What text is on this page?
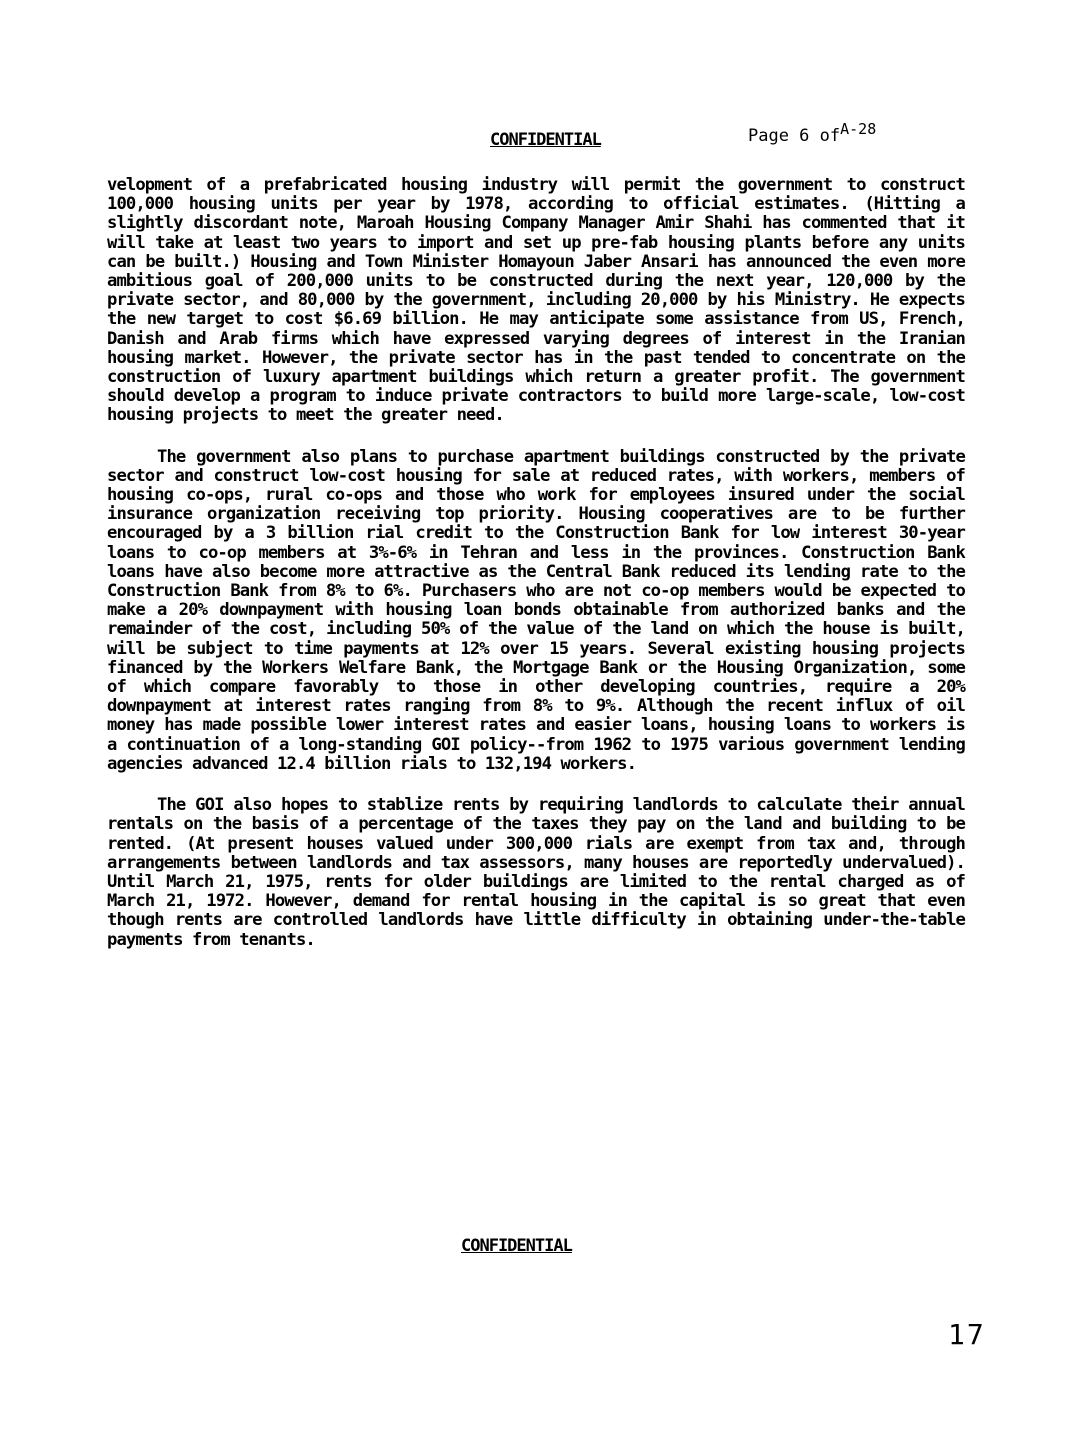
CONFIDENTIAL	Page 6 ofA-28

velopment of a prefabricated housing industry will permit the government to construct 100,000 housing units per year by 1978, according to official estimates. (Hitting a slightly discordant note, Maroah Housing Company Manager Amir Shahi has commented that it will take at least two years to import and set up pre-fab housing plants before any units can be built.) Housing and Town Minister Homayoun Jaber Ansari has announced the even more ambitious goal of 200,000 units to be constructed during the next year, 120,000 by the private sector, and 80,000 by the government, including 20,000 by his Ministry. He expects the new target to cost $6.69 billion. He may anticipate some assistance from US, French, Danish and Arab firms which have expressed varying degrees of interest in the Iranian housing market. However, the private sector has in the past tended to concentrate on the construction of luxury apartment buildings which return a greater profit. The government should develop a program to induce private contractors to build more large-scale, low-cost housing projects to meet the greater need.

The government also plans to purchase apartment buildings constructed by the private sector and construct low-cost housing for sale at reduced rates, with workers, members of housing co-ops, rural co-ops and those who work for employees insured under the social insurance organization receiving top priority. Housing cooperatives are to be further encouraged by a 3 billion rial credit to the Construction Bank for low interest 30-year loans to co-op members at 3%-6% in Tehran and less in the provinces. Construction Bank loans have also become more attractive as the Central Bank reduced its lending rate to the Construction Bank from 8% to 6%. Purchasers who are not co-op members would be expected to make a 20% downpayment with housing loan bonds obtainable from authorized banks and the remainder of the cost, including 50% of the value of the land on which the house is built, will be subject to time payments at 12% over 15 years. Several existing housing projects financed by the Workers Welfare Bank, the Mortgage Bank or the Housing Organization, some of which compare favorably to those in other developing countries, require a 20% downpayment at interest rates ranging from 8% to 9%. Although the recent influx of oil money has made possible lower interest rates and easier loans, housing loans to workers is a continuation of a long-standing GOI policy--from 1962 to 1975 various government lending agencies advanced 12.4 billion rials to 132,194 workers.

The GOI also hopes to stablize rents by requiring landlords to calculate their annual rentals on the basis of a percentage of the taxes they pay on the land and building to be rented. (At present houses valued under 300,000 rials are exempt from tax and, through arrangements between landlords and tax assessors, many houses are reportedly undervalued). Until March 21, 1975, rents for older buildings are limited to the rental charged as of March 21, 1972. However, demand for rental housing in the capital is so great that even though rents are controlled landlords have little difficulty in obtaining under-the-table payments from tenants.

CONFIDENTIAL
17
